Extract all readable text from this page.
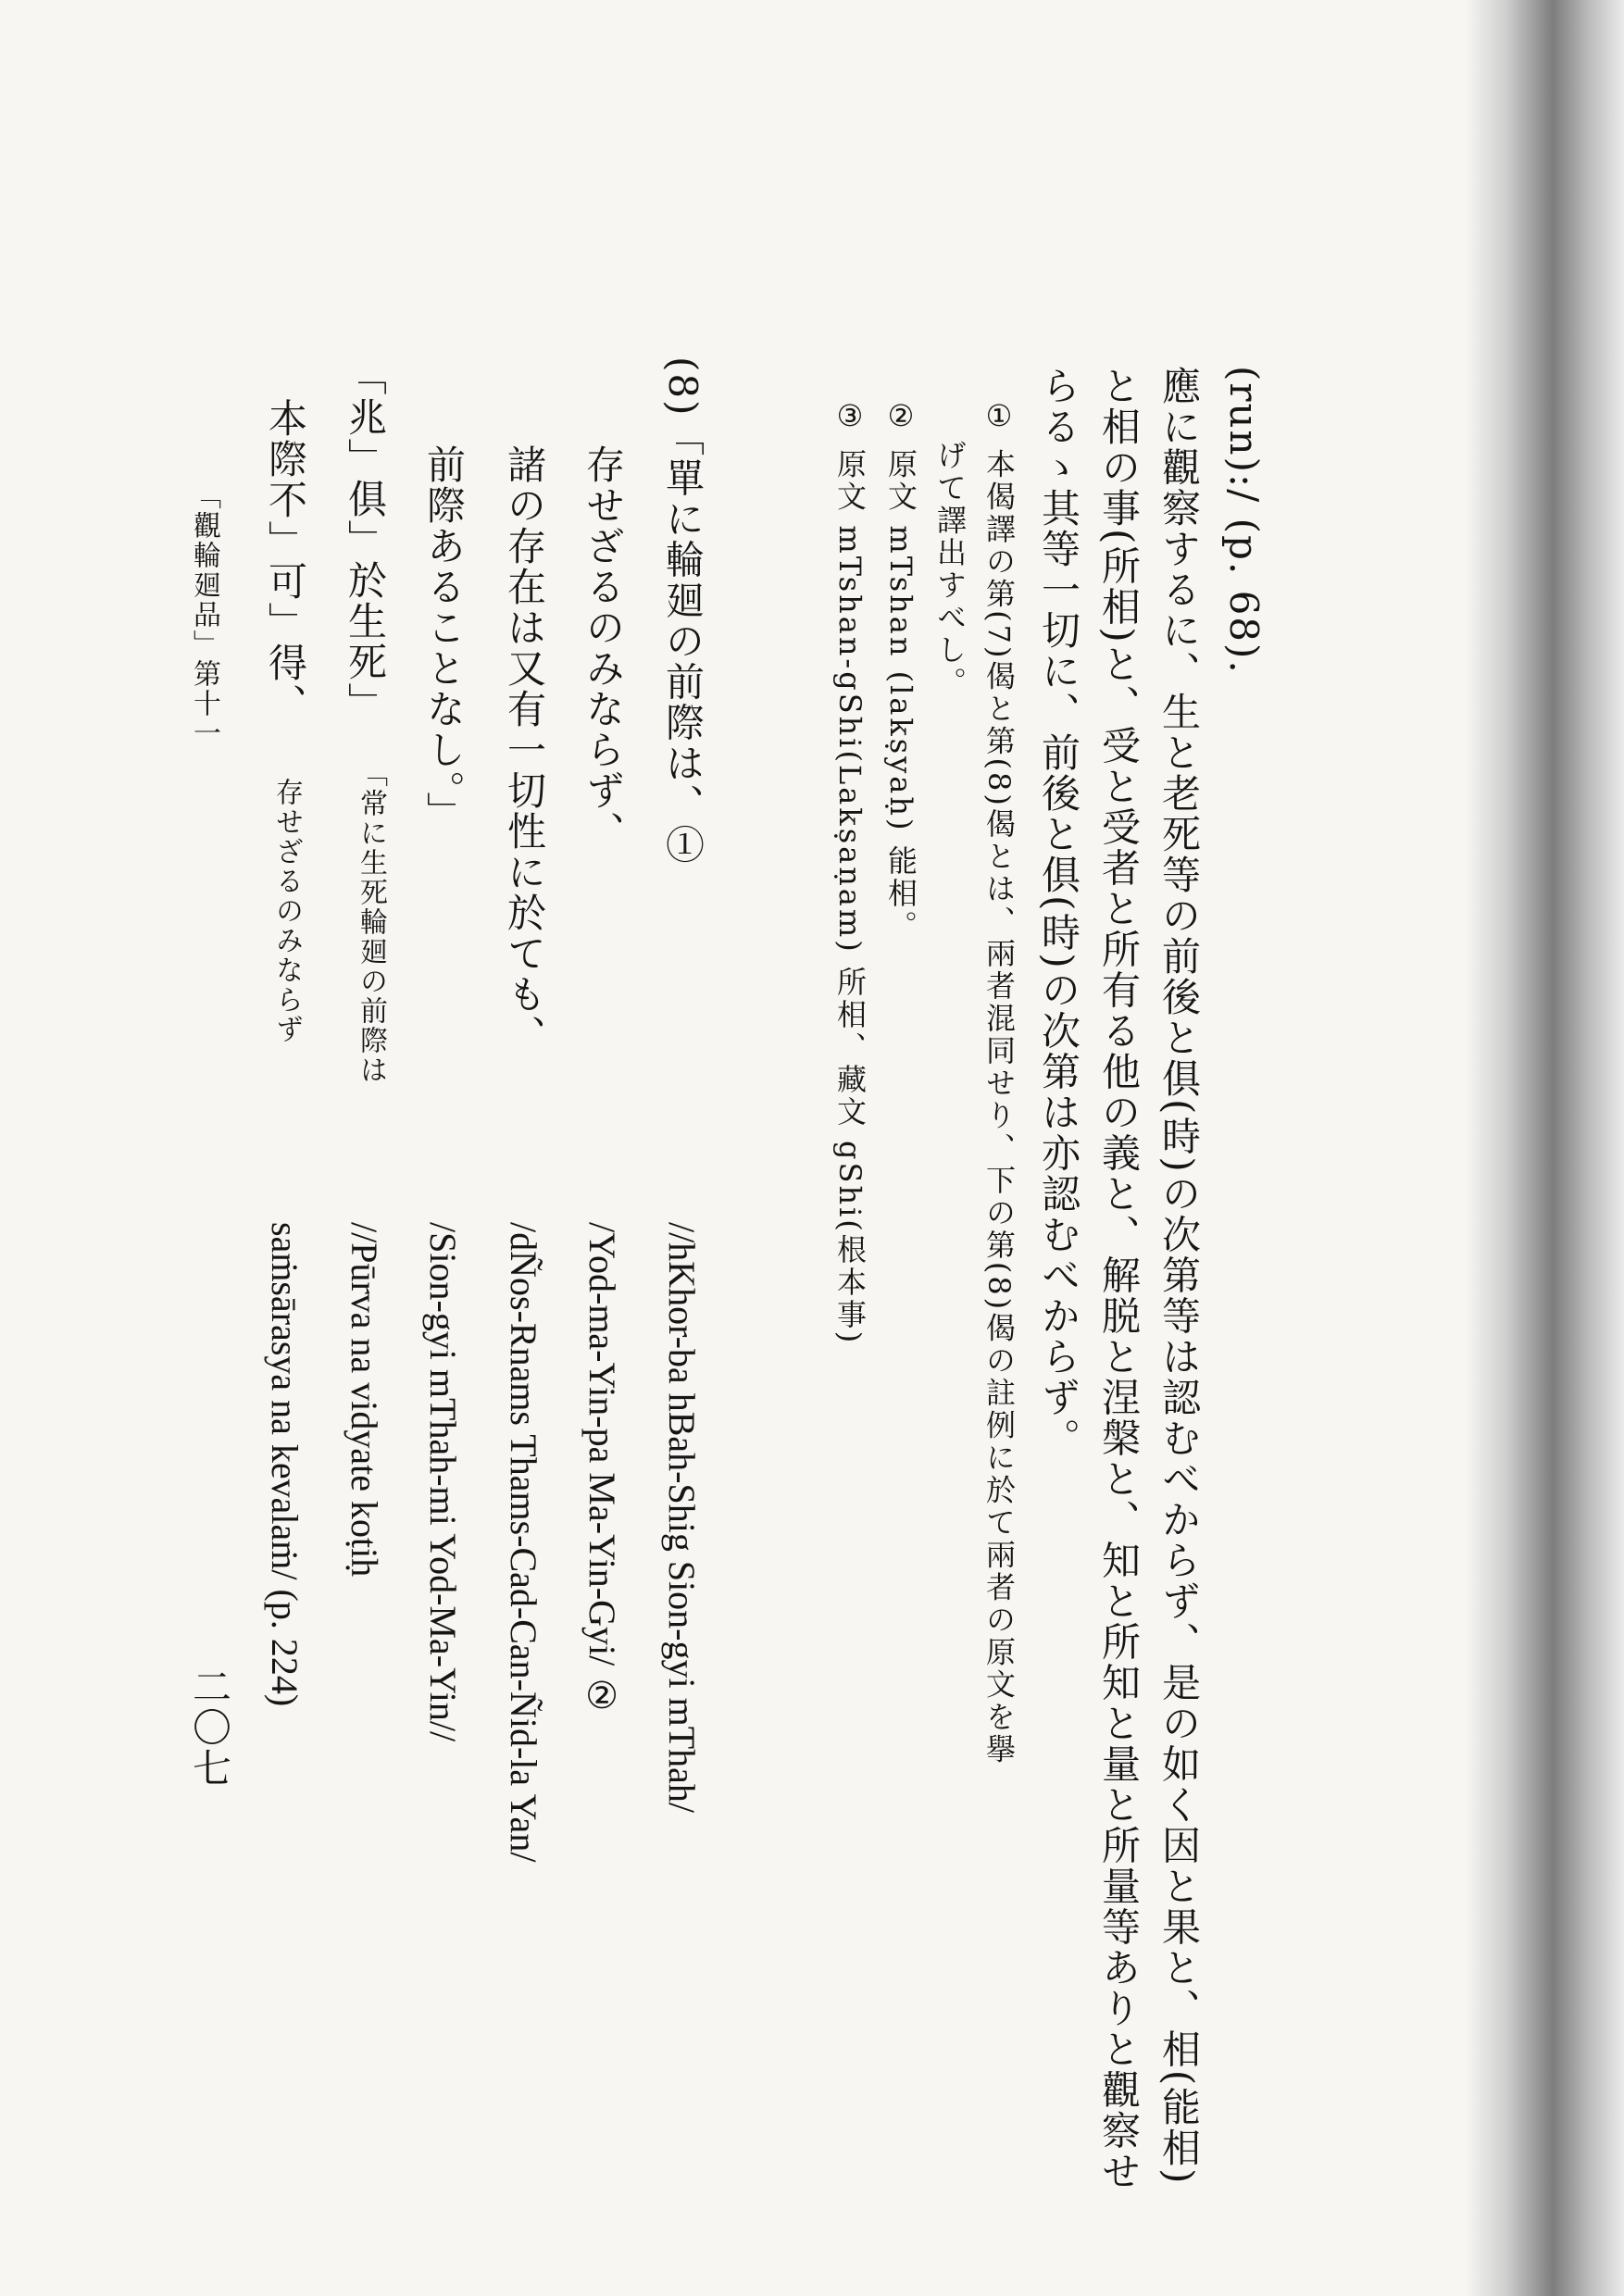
(run):/ (p. 68).
應に觀察するに、生と老死等の前後と俱(時)の次第等は認むべからず、是の如く因と果と、相(能相)
と相の事(所相)と、受と受者と所有る他の義と、解脱と涅槃と、知と所知と量と所量等ありと觀察せ
らるゝ其等一切に、前後と俱(時)の次第は亦認むべからず。
① 本偈譯の第(7)偈と第(8)偈とは、兩者混同せり、下の第(8)偈の註例に於て兩者の原文を擧
げて譯出すべし。
② 原文 mTshan (lakṣyaḥ) 能相。
③ 原文 mTshan-gShi(Lakṣaṇam) 所相、藏文 gShi(根本事)
(8)「單に輪廻の前際は、①
存せざるのみならず、
諸の存在は又有一切性に於ても、
前際あることなし。」
「兆」俱」於生死」
本際不」可」得、
「常に生死輪廻の前際は
存せざるのみならず
「觀輪廻品」第十一
//hKhor-ba hBah-Shig Sion-gyi mThah/
/Yod-ma-Yin-pa Ma-Yin-Gyi/ ②
/dÑos-Rnams Thams-Cad-Can-Ñid-la Yan/
/Sion-gyi mThah-mi Yod-Ma-Yin//
//Pūrva na vidyate koṭiḥ
saṁsārasya na kevalaṁ/ (p. 224)
二〇七
